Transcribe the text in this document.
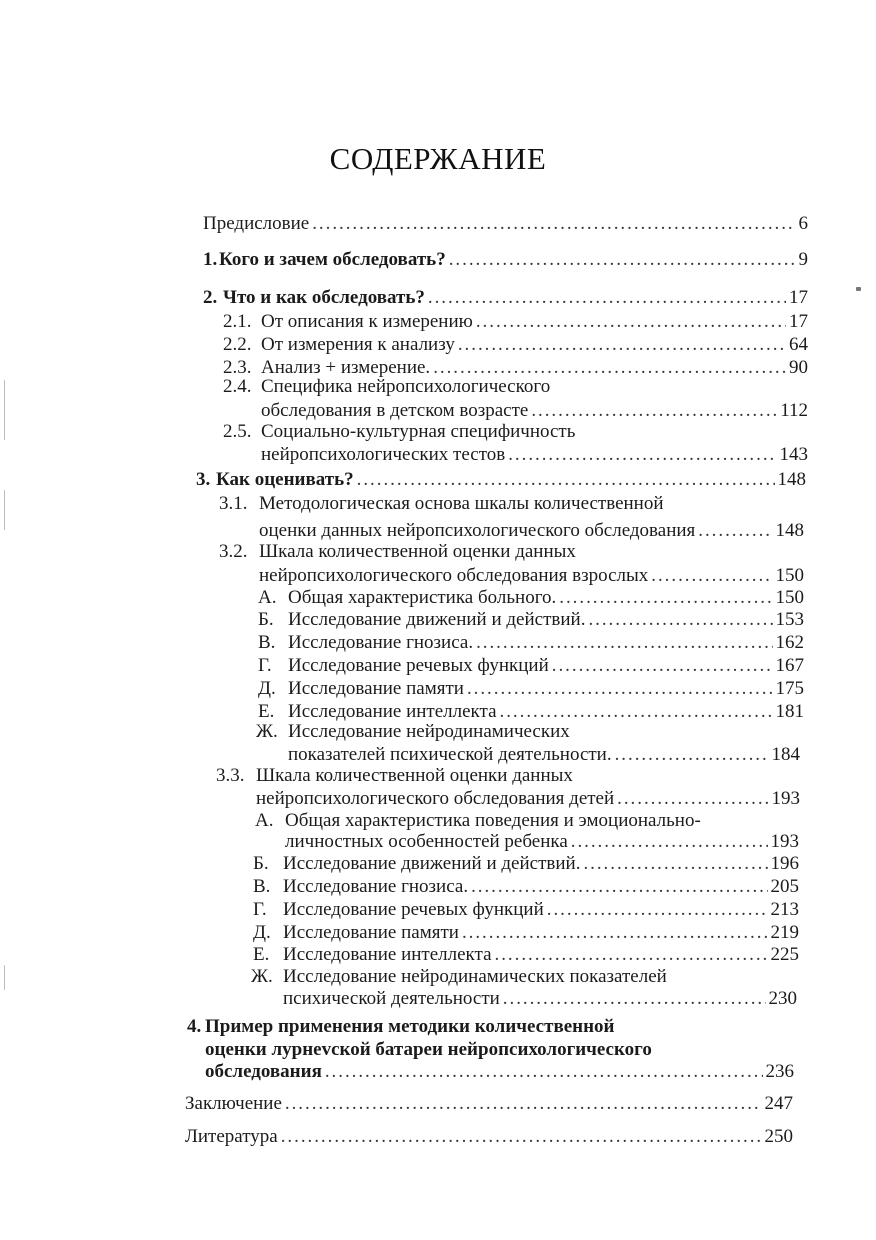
СОДЕРЖАНИЕ
Предисловие . . .	6
1. Кого и зачем обследовать? . . .	9
2. Что и как обследовать? . . .	17
2.1. От описания к измерению . . .	17
2.2. От измерения к анализу . . .	64
2.3. Анализ + измерение. . . .	90
2.4. Специфика нейропсихологического
обследования в детском возрасте . . .	112
2.5. Социально-культурная специфичность
нейропсихологических тестов . . .	143
3. Как оценивать? . . .	148
3.1. Методологическая основа шкалы количественной
оценки данных нейропсихологического обследования . . .	148
3.2. Шкала количественной оценки данных
нейропсихологического обследования взрослых . . .	150
А. Общая характеристика больного. . . .	150
Б. Исследование движений и действий. . . .	153
В. Исследование гнозиса. . . .	162
Г. Исследование речевых функций . . .	167
Д. Исследование памяти . . .	175
Е. Исследование интеллекта . . .	181
Ж. Исследование нейродинамических
показателей психической деятельности. . . .	184
3.3. Шкала количественной оценки данных
нейропсихологического обследования детей . . .	193
А. Общая характеристика поведения и эмоционально-
личностных особенностей ребенка . . .	193
Б. Исследование движений и действий. . . .	196
В. Исследование гнозиса. . . .	205
Г. Исследование речевых функций . . .	213
Д. Исследование памяти . . .	219
Е. Исследование интеллекта . . .	225
Ж. Исследование нейродинамических показателей
психической деятельности . . .	230
4. Пример применения методики количественной
оценки лурнevской батареи нейропсихологического
обследования . . .	236
Заключение . . .	247
Литература . . .	250
